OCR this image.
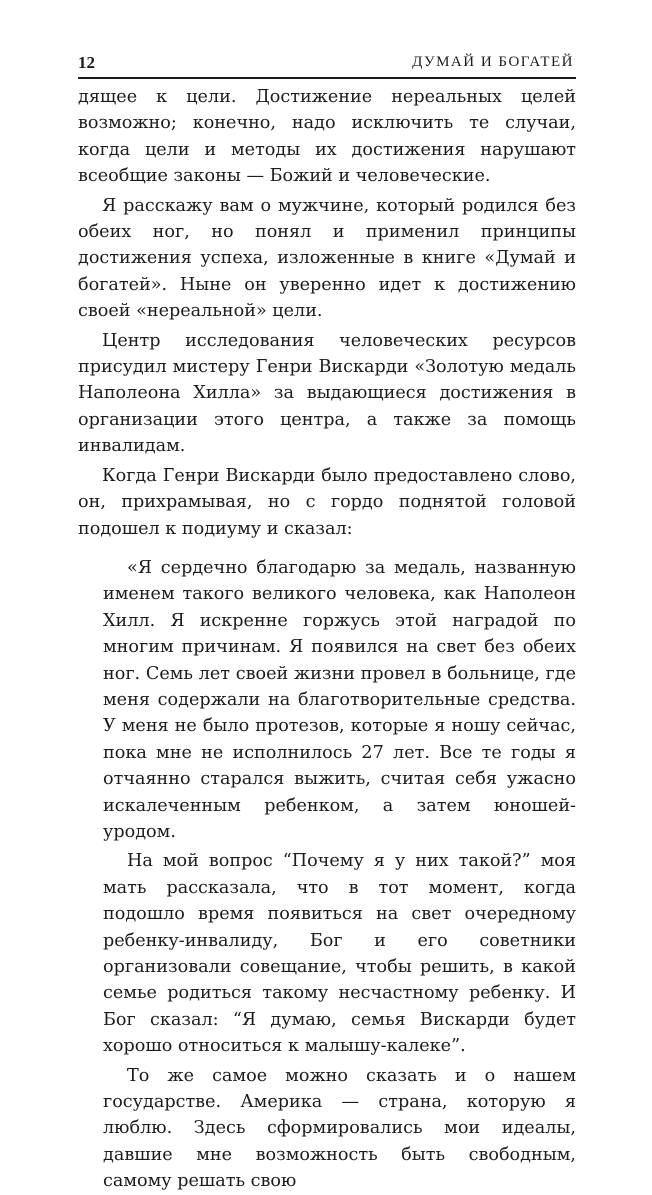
12	ДУМАЙ И БОГАТЕЙ

дящее к цели. Достижение нереальных целей возможно; конечно, надо исключить те случаи, когда цели и методы их достижения нарушают всеобщие законы — Божий и человеческие.

Я расскажу вам о мужчине, который родился без обеих ног, но понял и применил принципы достижения успеха, изложенные в книге «Думай и богатей». Ныне он уверенно идет к достижению своей «нереальной» цели.

Центр исследования человеческих ресурсов присудил мистеру Генри Вискарди «Золотую медаль Наполеона Хилла» за выдающиеся достижения в организации этого центра, а также за помощь инвалидам.

Когда Генри Вискарди было предоставлено слово, он, прихрамывая, но с гордо поднятой головой подошел к подиуму и сказал:

«Я сердечно благодарю за медаль, названную именем такого великого человека, как Наполеон Хилл. Я искренне горжусь этой наградой по многим причинам. Я появился на свет без обеих ног. Семь лет своей жизни провел в больнице, где меня содержали на благотворительные средства. У меня не было протезов, которые я ношу сейчас, пока мне не исполнилось 27 лет. Все те годы я отчаянно старался выжить, считая себя ужасно искалеченным ребенком, а затем юношей-уродом.

На мой вопрос “Почему я у них такой?” моя мать рассказала, что в тот момент, когда подошло время появиться на свет очередному ребенку-инвалиду, Бог и его советники организовали совещание, чтобы решить, в какой семье родиться такому несчастному ребенку. И Бог сказал: “Я думаю, семья Вискарди будет хорошо относиться к малышу-калеке”.

То же самое можно сказать и о нашем государстве. Америка — страна, которую я люблю. Здесь сформировались мои идеалы, давшие мне возможность быть свободным, самому решать свою
